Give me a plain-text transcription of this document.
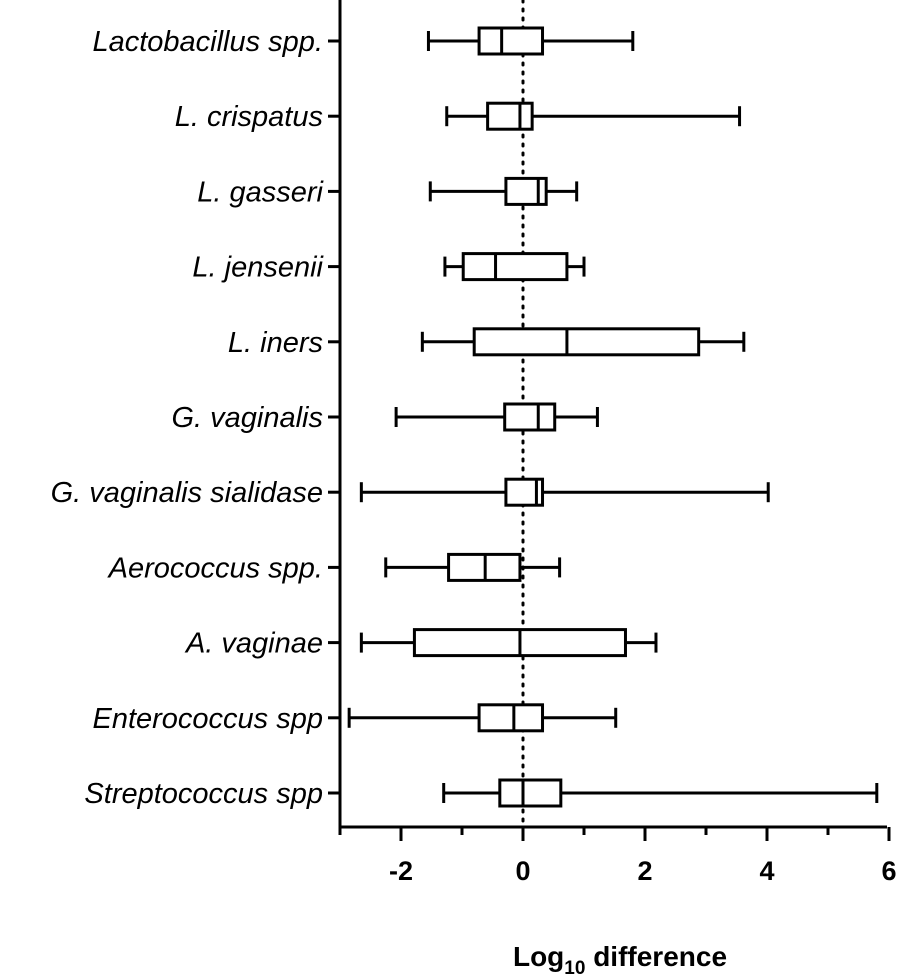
Lactobacillus spp.
L. crispatus
L. gasseri
L. jensenii
L. iners
G. vaginalis
G. vaginalis sialidase
Aerococcus spp.
A. vaginae
Enterococcus spp
Streptococcus spp
-2	0	2	4	6
Log$_{10}$ difference
